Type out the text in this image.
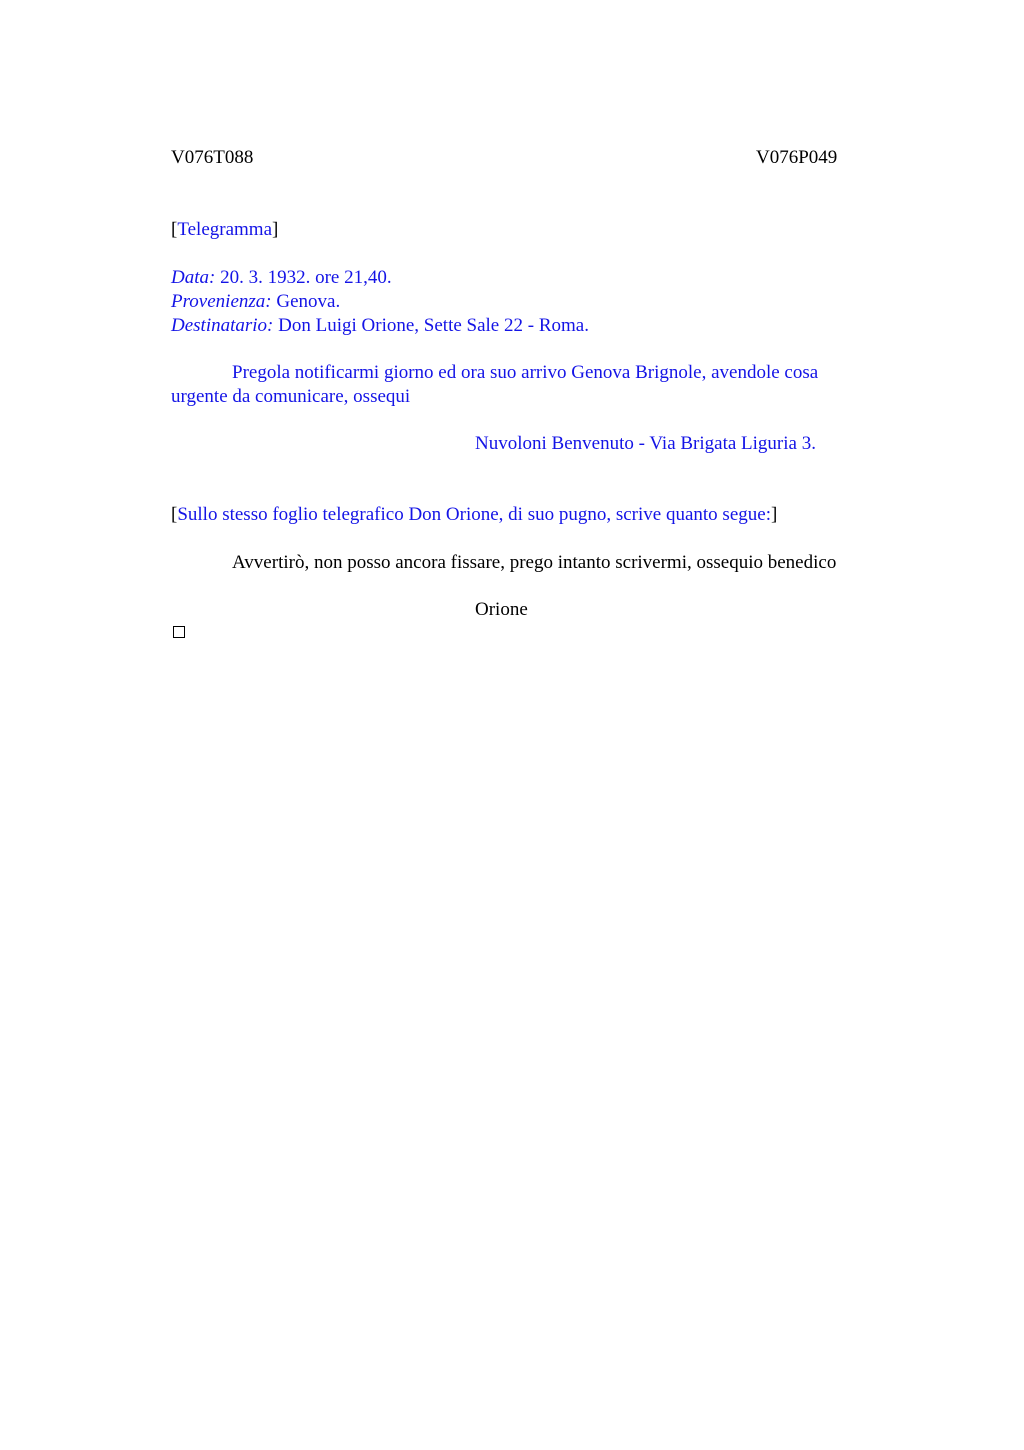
V076T088	V076P049
[Telegramma]
Data: 20. 3. 1932. ore 21,40.
Provenienza: Genova.
Destinatario: Don Luigi Orione, Sette Sale 22 - Roma.
Pregola notificarmi giorno ed ora suo arrivo Genova Brignole, avendole cosa
urgente da comunicare, ossequi
Nuvoloni Benvenuto - Via Brigata Liguria 3.
[Sullo stesso foglio telegrafico Don Orione, di suo pugno, scrive quanto segue:]
Avvertirò, non posso ancora fissare, prego intanto scrivermi, ossequio benedico
Orione
